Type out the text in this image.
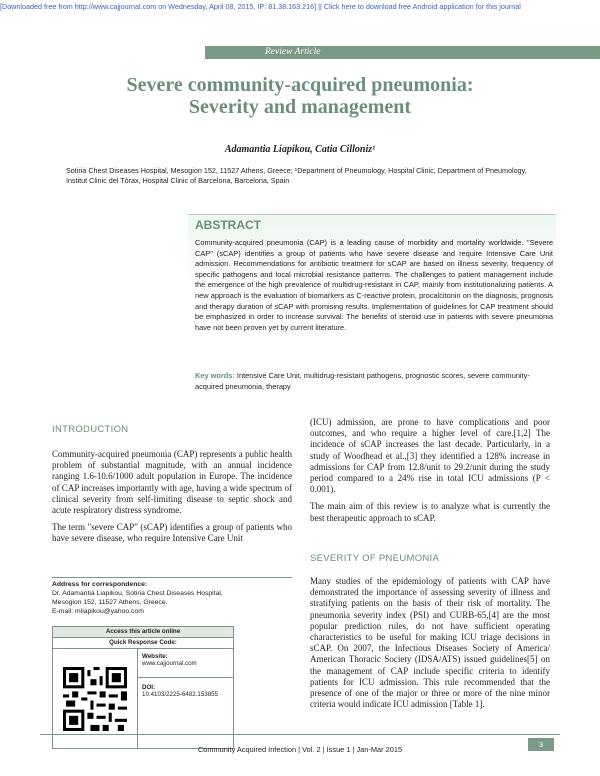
[Downloaded free from http://www.cajjournal.com on Wednesday, April 08, 2015, IP: 81.38.163.216] || Click here to download free Android application for this journal
Review Article
Severe community-acquired pneumonia:
Severity and management
Adamantia Liapikou, Catia Cilloniz¹
Sotiria Chest Diseases Hospital, Mesogion 152, 11527 Athens, Greece; ¹Department of Pneumology, Hospital Clinic, Department of Pneumology, Institut Clinic del Tòrax, Hospital Clinic of Barcelona, Barcelona, Spain
ABSTRACT
Community-acquired pneumonia (CAP) is a leading cause of morbidity and mortality worldwide. "Severe CAP" (sCAP) identifies a group of patients who have severe disease and require Intensive Care Unit admission. Recommendations for antibiotic treatment for sCAP are based on illness severity, frequency of specific pathogens and local microbial resistance patterns. The challenges to patient management include the emergence of the high prevalence of multidrug-resistant in CAP, mainly from institutionalizing patients. A new approach is the evaluation of biomarkers as C-reactive protein, procalcitonin on the diagnosis, prognosis and therapy duration of sCAP with promising results. Implementation of guidelines for CAP treatment should be emphasized in order to increase survival. The benefits of steroid use in patients with severe pneumonia have not been proven yet by current literature.
Key words: Intensive Care Unit, multidrug-resistant pathogens, prognostic scores, severe community-acquired pneumonia, therapy
INTRODUCTION

Community-acquired pneumonia (CAP) represents a public health problem of substantial magnitude, with an annual incidence ranging 1.6-10.6/1000 adult population in Europe. The incidence of CAP increases importantly with age, having a wide spectrum of clinical severity from self-limiting disease to septic shock and acute respiratory distress syndrome.

The term "severe CAP" (sCAP) identifies a group of patients who have severe disease, who require Intensive Care Unit

(ICU) admission, are prone to have complications and poor outcomes, and who require a higher level of care.[1,2] The incidence of sCAP increases the last decade. Particularly, in a study of Woodhead et al.,[3] they identified a 128% increase in admissions for CAP from 12.8/unit to 29.2/unit during the study period compared to a 24% rise in total ICU admissions (P < 0.001).

The main aim of this review is to analyze what is currently the best therapeutic approach to sCAP.

SEVERITY OF PNEUMONIA

Many studies of the epidemiology of patients with CAP have demonstrated the importance of assessing severity of illness and stratifying patients on the basis of their risk of mortality. The pneumonia severity index (PSI) and CURB-65,[4] are the most popular prediction rules, do not have sufficient operating characteristics to be useful for making ICU triage decisions in sCAP. On 2007, the Infectious Diseases Society of America/ American Thoracic Society (IDSA/ATS) issued guidelines[5] on the management of CAP include specific criteria to identify patients for ICU admission. This rule recommended that the presence of one of the major or three or more of the nine minor criteria would indicate ICU admission [Table 1].

Address for correspondence:
Dr. Adamantia Liapikou, Sotiria Chest Diseases Hospital,
Mesogion 152, 11527 Athens, Greece.
E-mail: mliapikou@yahoo.com
Access this article online
Quick Response Code:
Website:
www.cajjournal.com
DOI:
10.4103/2225-6482.153855
Community Acquired Infection | Vol. 2 | Issue 1 | Jan-Mar 2015
3
